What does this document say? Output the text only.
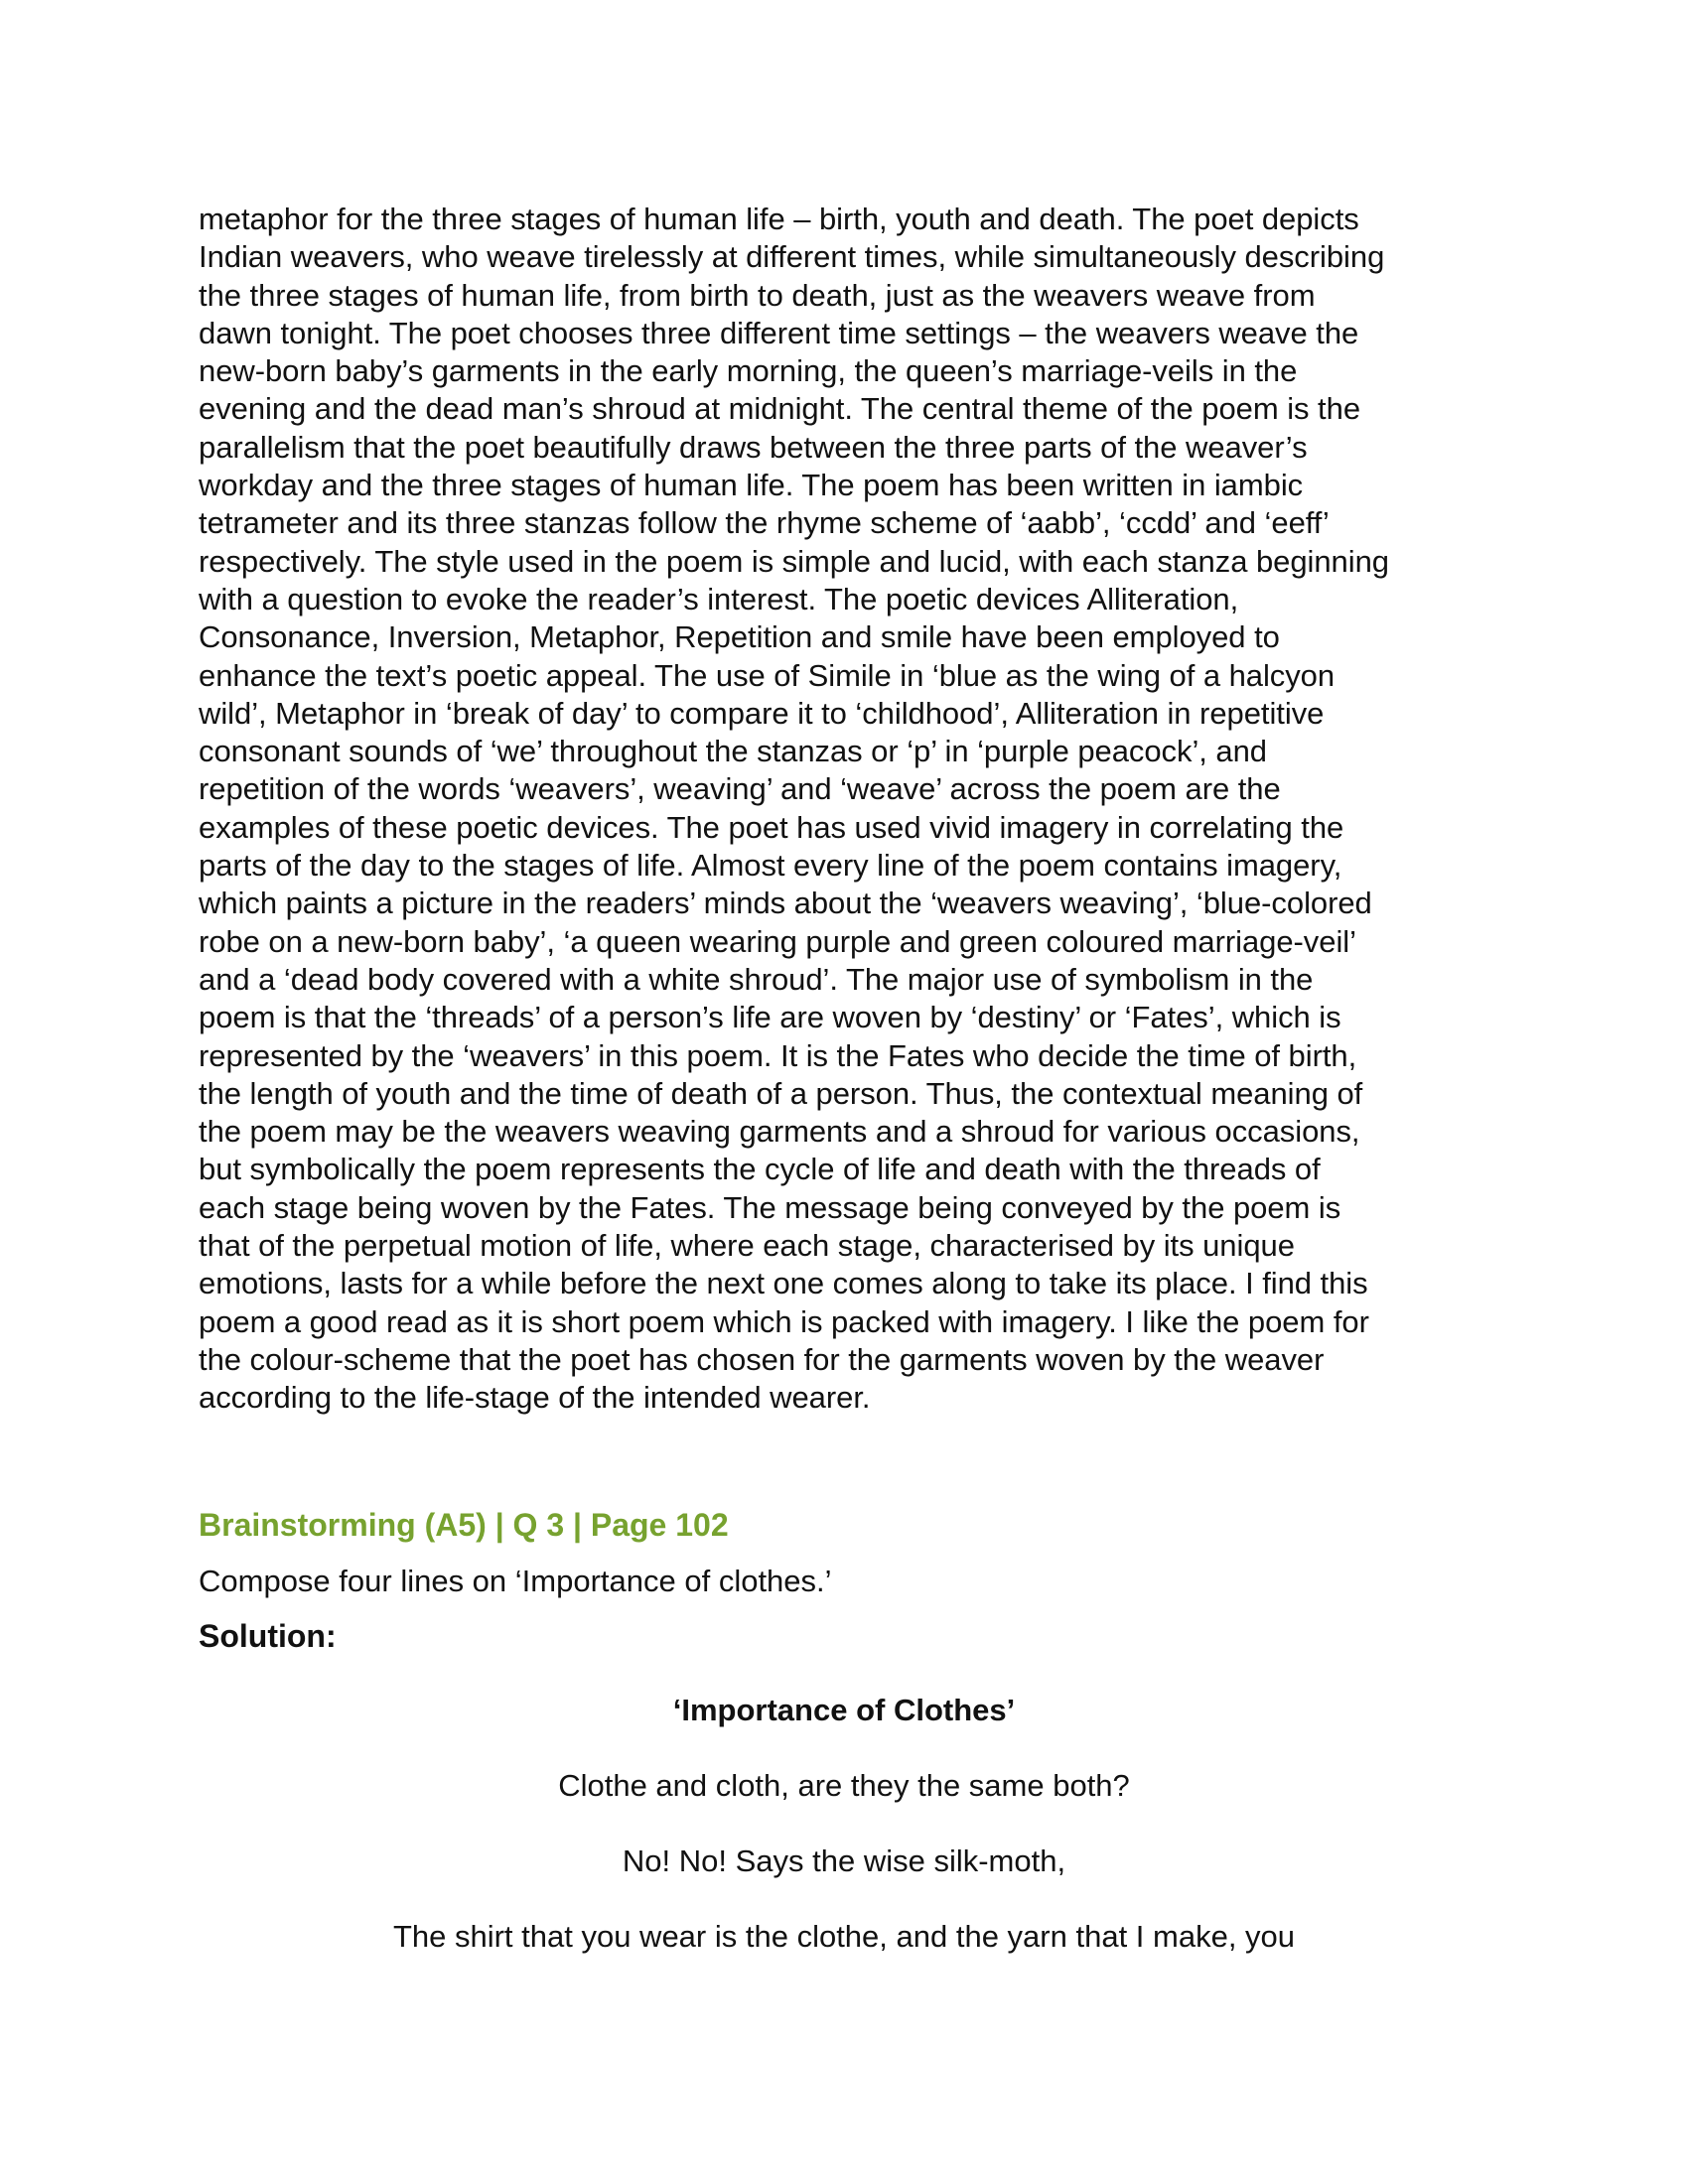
metaphor for the three stages of human life – birth, youth and death. The poet depicts
Indian weavers, who weave tirelessly at different times, while simultaneously describing
the three stages of human life, from birth to death, just as the weavers weave from
dawn tonight. The poet chooses three different time settings – the weavers weave the
new-born baby’s garments in the early morning, the queen’s marriage-veils in the
evening and the dead man’s shroud at midnight. The central theme of the poem is the
parallelism that the poet beautifully draws between the three parts of the weaver’s
workday and the three stages of human life. The poem has been written in iambic
tetrameter and its three stanzas follow the rhyme scheme of ‘aabb’, ‘ccdd’ and ‘eeff’
respectively. The style used in the poem is simple and lucid, with each stanza beginning
with a question to evoke the reader’s interest. The poetic devices Alliteration,
Consonance, Inversion, Metaphor, Repetition and smile have been employed to
enhance the text’s poetic appeal. The use of Simile in ‘blue as the wing of a halcyon
wild’, Metaphor in ‘break of day’ to compare it to ‘childhood’, Alliteration in repetitive
consonant sounds of ‘we’ throughout the stanzas or ‘p’ in ‘purple peacock’, and
repetition of the words ‘weavers’, weaving’ and ‘weave’ across the poem are the
examples of these poetic devices. The poet has used vivid imagery in correlating the
parts of the day to the stages of life. Almost every line of the poem contains imagery,
which paints a picture in the readers’ minds about the ‘weavers weaving’, ‘blue-colored
robe on a new-born baby’, ‘a queen wearing purple and green coloured marriage-veil’
and a ‘dead body covered with a white shroud’. The major use of symbolism in the
poem is that the ‘threads’ of a person’s life are woven by ‘destiny’ or ‘Fates’, which is
represented by the ‘weavers’ in this poem. It is the Fates who decide the time of birth,
the length of youth and the time of death of a person. Thus, the contextual meaning of
the poem may be the weavers weaving garments and a shroud for various occasions,
but symbolically the poem represents the cycle of life and death with the threads of
each stage being woven by the Fates. The message being conveyed by the poem is
that of the perpetual motion of life, where each stage, characterised by its unique
emotions, lasts for a while before the next one comes along to take its place. I find this
poem a good read as it is short poem which is packed with imagery. I like the poem for
the colour-scheme that the poet has chosen for the garments woven by the weaver
according to the life-stage of the intended wearer.
Brainstorming (A5) | Q 3 | Page 102
Compose four lines on ‘Importance of clothes.’
Solution:
‘Importance of Clothes’
Clothe and cloth, are they the same both?
No! No! Says the wise silk-moth,
The shirt that you wear is the clothe, and the yarn that I make, you
